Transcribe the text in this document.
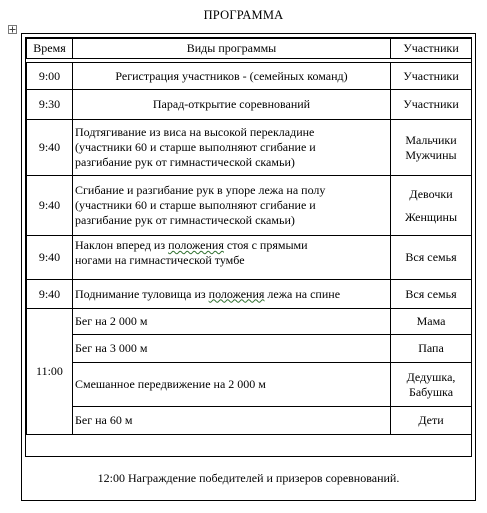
ПРОГРАММА
Время	Виды программы	Участники

9:00	Регистрация участников - (семейных команд)	Участники
9:30	Парад-открытие соревнований	Участники
9:40	Подтягивание из виса на высокой перекладине
(участники 60 и старше выполняют сгибание и
разгибание рук от гимнастической скамьи)	Мальчики
Мужчины

9:40	Сгибание и разгибание рук в упоре лежа на полу
(участники 60 и старше выполняют сгибание и
разгибание рук от гимнастической скамьи)	Девочки
Женщины

9:40	Наклон вперед из положения стоя с прямыми
ногами на гимнастической тумбе	Вся семья
9:40	Поднимание туловища из положения лежа на спине	Вся семья
11:00	Бег на 2 000 м	Мама
	Бег на 3 000 м	Папа
	Смешанное передвижение на 2 000 м	Дедушка,
Бабушка

	Бег на 60 м	Дети
12:00 Награждение победителей и призеров соревнований.
